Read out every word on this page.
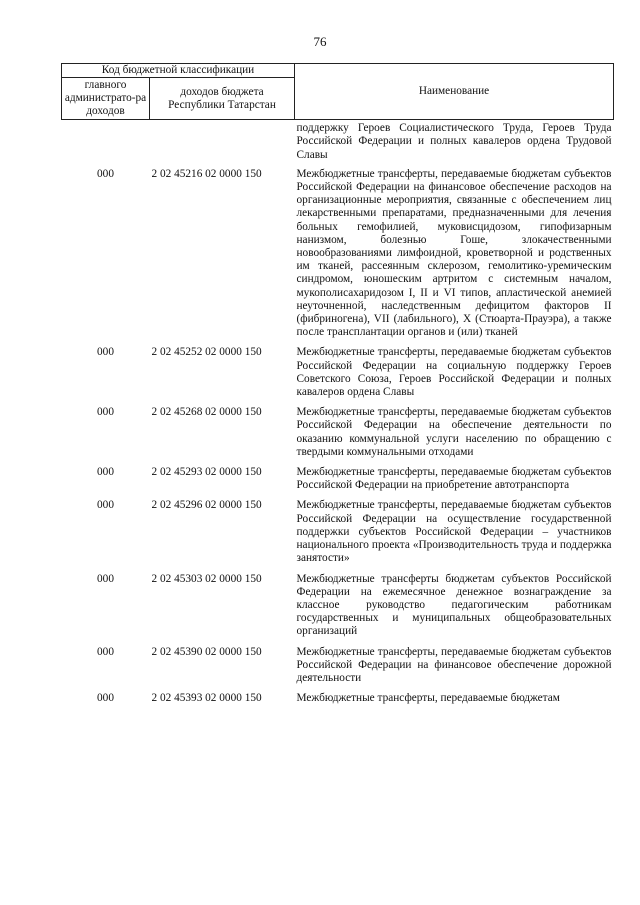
76
Код бюджетной классификации		Наименование
главного администрато-ра доходов	доходов бюджета Республики Татарстан	
		поддержку Героев Социалистического Труда, Героев Труда Российской Федерации и полных кавалеров ордена Трудовой Славы
000	2 02 45216 02 0000 150	Межбюджетные трансферты, передаваемые бюджетам субъектов Российской Федерации на финансовое обеспечение расходов на организационные мероприятия, связанные с обеспечением лиц лекарственными препаратами, предназначенными для лечения больных гемофилией, муковисцидозом, гипофизарным нанизмом, болезнью Гоше, злокачественными новообразованиями лимфоидной, кроветворной и родственных им тканей, рассеянным склерозом, гемолитико-уремическим синдромом, юношеским артритом с системным началом, мукополисахаридозом I, II и VI типов, апластической анемией неуточненной, наследственным дефицитом факторов II (фибриногена), VII (лабильного), X (Стюарта-Прауэра), а также после трансплантации органов и (или) тканей
000	2 02 45252 02 0000 150	Межбюджетные трансферты, передаваемые бюджетам субъектов Российской Федерации на социальную поддержку Героев Советского Союза, Героев Российской Федерации и полных кавалеров ордена Славы
000	2 02 45268 02 0000 150	Межбюджетные трансферты, передаваемые бюджетам субъектов Российской Федерации на обеспечение деятельности по оказанию коммунальной услуги населению по обращению с твердыми коммунальными отходами
000	2 02 45293 02 0000 150	Межбюджетные трансферты, передаваемые бюджетам субъектов Российской Федерации на приобретение автотранспорта
000	2 02 45296 02 0000 150	Межбюджетные трансферты, передаваемые бюджетам субъектов Российской Федерации на осуществление государственной поддержки субъектов Российской Федерации – участников национального проекта «Производительность труда и поддержка занятости»
000	2 02 45303 02 0000 150	Межбюджетные трансферты бюджетам субъектов Российской Федерации на ежемесячное денежное вознаграждение за классное руководство педагогическим работникам государственных и муниципальных общеобразовательных организаций
000	2 02 45390 02 0000 150	Межбюджетные трансферты, передаваемые бюджетам субъектов Российской Федерации на финансовое обеспечение дорожной деятельности
000	2 02 45393 02 0000 150	Межбюджетные трансферты, передаваемые бюджетам
